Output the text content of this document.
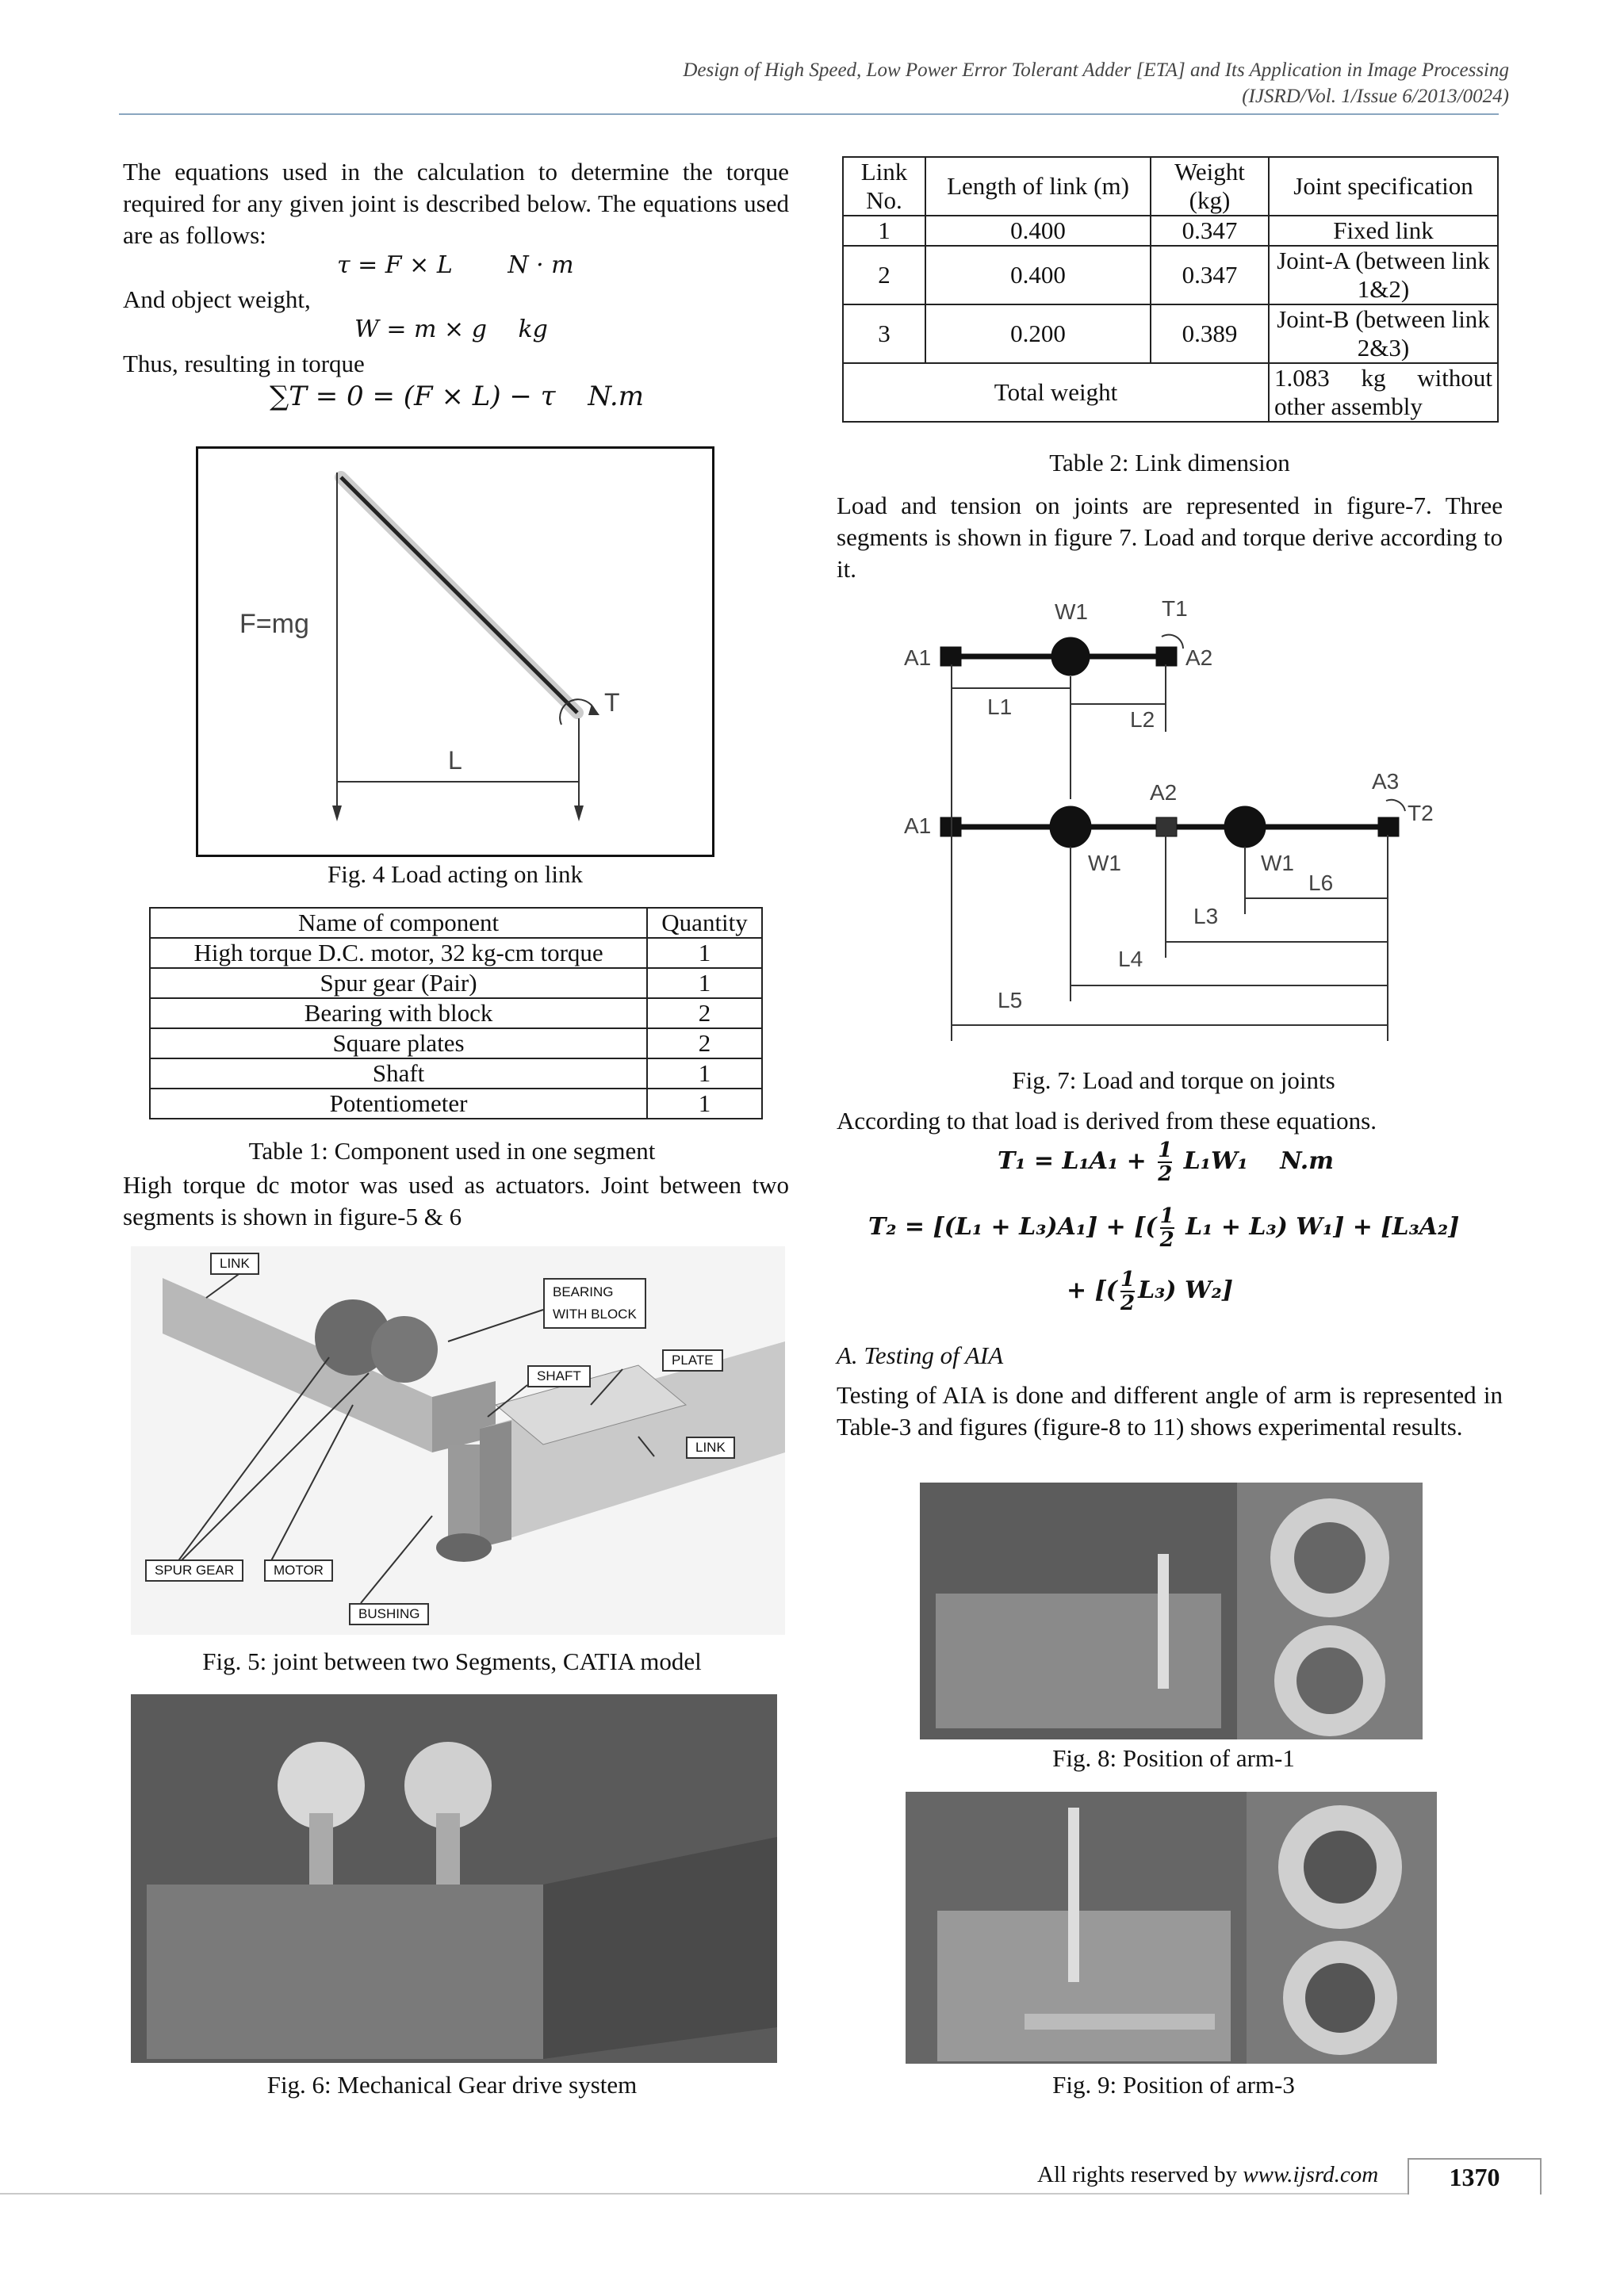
Design of High Speed, Low Power Error Tolerant Adder [ETA] and Its Application in Image Processing
(IJSRD/Vol. 1/Issue 6/2013/0024)
The equations used in the calculation to determine the torque required for any given joint is described below. The equations used are as follows:
τ = F × L N · m
And object weight,
W = m × g kg
Thus, resulting in torque
∑T = 0 = (F × L) − τ N.m
F=mg
T
L
Fig. 4 Load acting on link
Name of component	Quantity
High torque D.C. motor, 32 kg-cm torque	1
Spur gear (Pair)	1
Bearing with block	2
Square plates	2
Shaft	1
Potentiometer	1
Table 1: Component used in one segment
High torque dc motor was used as actuators. Joint between two segments is shown in figure-5 & 6
LINK
BEARING
WITH BLOCK
SHAFT
PLATE
LINK
SPUR GEAR	MOTOR
BUSHING
Fig. 5: joint between two Segments, CATIA model
Fig. 6: Mechanical Gear drive system
Link No.	Length of link (m)	Weight (kg)	Joint specification
1	0.400	0.347	Fixed link
2	0.400	0.347	Joint-A (between link 1&2)
3	0.200	0.389	Joint-B (between link 2&3)
Total weight			1.083 kg without other assembly
Table 2: Link dimension
Load and tension on joints are represented in figure-7. Three segments is shown in figure 7. Load and torque derive according to it.
W1	T1
A1	A2
L1
L2
A3
T2
A1
A2
W1	W1
L6
L3
L4
L5
Fig. 7: Load and torque on joints
According to that load is derived from these equations.
$T_1 = L_1A_1 + \frac{1}{2} L_1W_1$ N.m
T₂ = [(L₁ + L₃)A₁] + [( $\frac{1}{2} L_1 + L_3$) W₁] + [L₃A₂]
+ [( $\frac{1}{2} L_3$) W₂]
A. Testing of AIA
Testing of AIA is done and different angle of arm is represented in Table-3 and figures (figure-8 to 11) shows experimental results.
Fig. 8: Position of arm-1
Fig. 9: Position of arm-3
All rights reserved by www.ijsrd.com	1370
